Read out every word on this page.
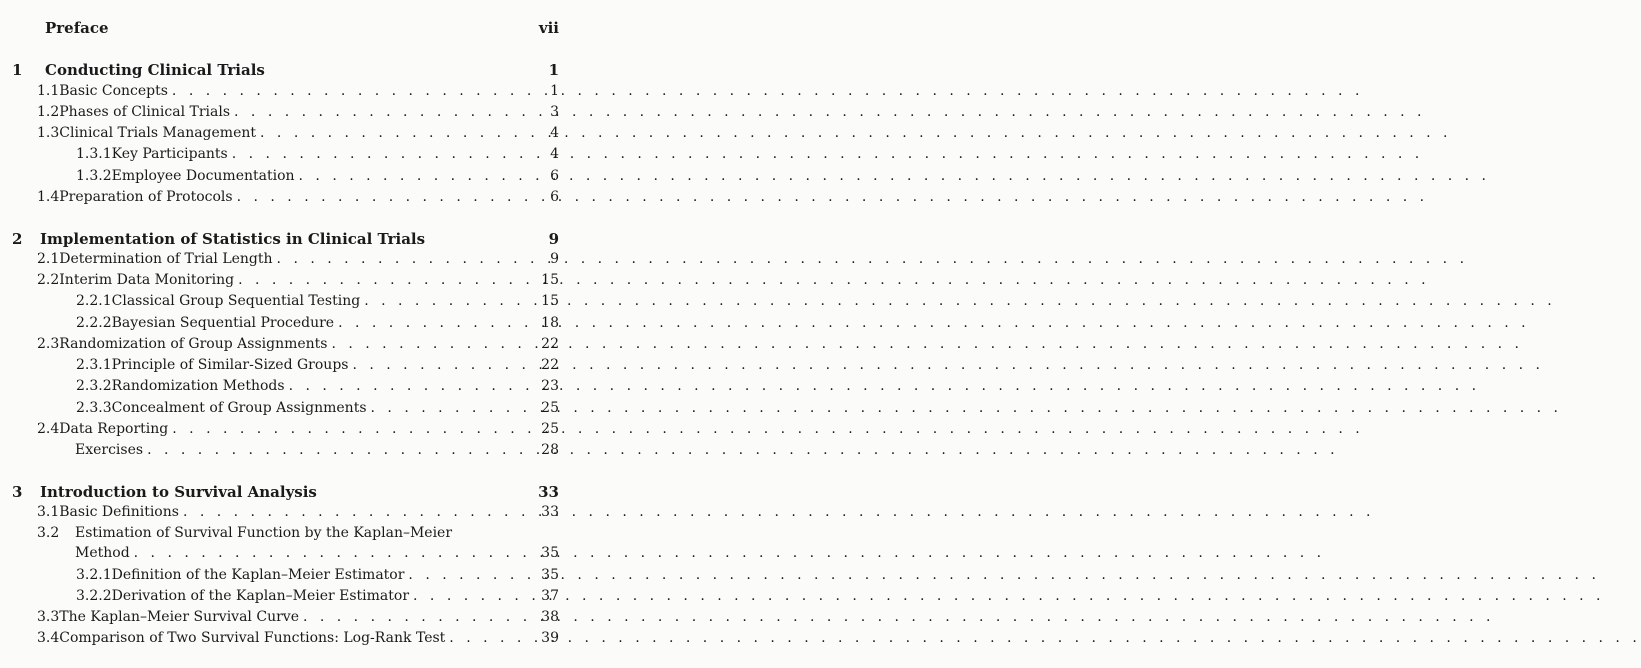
Preface	vii
1	Conducting Clinical Trials	1
1.1 Basic Concepts . . .	1
1.2 Phases of Clinical Trials . . .	3
1.3 Clinical Trials Management . . .	4
1.3.1 Key Participants . . .	4
1.3.2 Employee Documentation . . .	6
1.4 Preparation of Protocols . . .	6
2	Implementation of Statistics in Clinical Trials	9
2.1 Determination of Trial Length . . .	9
2.2 Interim Data Monitoring . . .	15
2.2.1 Classical Group Sequential Testing . . .	15
2.2.2 Bayesian Sequential Procedure . . .	18
2.3 Randomization of Group Assignments . . .	22
2.3.1 Principle of Similar-Sized Groups . . .	22
2.3.2 Randomization Methods . . .	23
2.3.3 Concealment of Group Assignments . . .	25
2.4 Data Reporting . . .	25
Exercises . . .	28
3	Introduction to Survival Analysis	33
3.1 Basic Definitions . . .	33
3.2	Estimation of Survival Function by the Kaplan–Meier
Method . . .	35
3.2.1 Definition of the Kaplan–Meier Estimator . . .	35
3.2.2 Derivation of the Kaplan–Meier Estimator . . .	37
3.3 The Kaplan–Meier Survival Curve . . .	38
3.4 Comparison of Two Survival Functions: Log-Rank Test . . .	39
